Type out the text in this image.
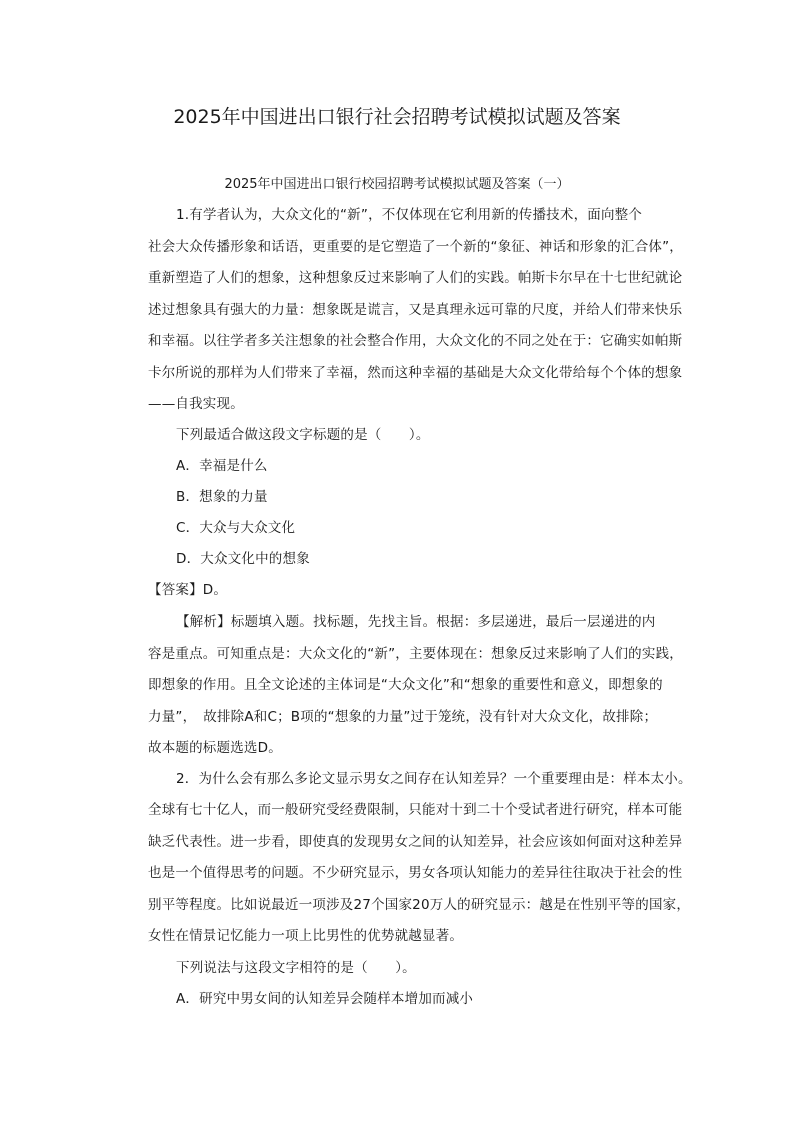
2025年中国进出口银行社会招聘考试模拟试题及答案
2025年中国进出口银行校园招聘考试模拟试题及答案（一）
1.有学者认为，大众文化的“新”，不仅体现在它利用新的传播技术，面向整个
社会大众传播形象和话语，更重要的是它塑造了一个新的“象征、神话和形象的汇合体”，
重新塑造了人们的想象，这种想象反过来影响了人们的实践。帕斯卡尔早在十七世纪就论
述过想象具有强大的力量：想象既是谎言，又是真理永远可靠的尺度，并给人们带来快乐
和幸福。以往学者多关注想象的社会整合作用，大众文化的不同之处在于：它确实如帕斯
卡尔所说的那样为人们带来了幸福，然而这种幸福的基础是大众文化带给每个个体的想象
——自我实现。
下列最适合做这段文字标题的是（　　）。
A．幸福是什么
B．想象的力量
C．大众与大众文化
D．大众文化中的想象
【答案】D。
【解析】标题填入题。找标题，先找主旨。根据：多层递进，最后一层递进的内
容是重点。可知重点是：大众文化的“新”，主要体现在：想象反过来影响了人们的实践，
即想象的作用。且全文论述的主体词是“大众文化”和“想象的重要性和意义，即想象的
力量”，　故排除A和C；B项的“想象的力量”过于笼统，没有针对大众文化，故排除；
故本题的标题选选D。
2．为什么会有那么多论文显示男女之间存在认知差异？一个重要理由是：样本太小。
全球有七十亿人，而一般研究受经费限制，只能对十到二十个受试者进行研究，样本可能
缺乏代表性。进一步看，即使真的发现男女之间的认知差异，社会应该如何面对这种差异
也是一个值得思考的问题。不少研究显示，男女各项认知能力的差异往往取决于社会的性
别平等程度。比如说最近一项涉及27个国家20万人的研究显示：越是在性别平等的国家，
女性在情景记忆能力一项上比男性的优势就越显著。
下列说法与这段文字相符的是（　　）。
A．研究中男女间的认知差异会随样本增加而减小
